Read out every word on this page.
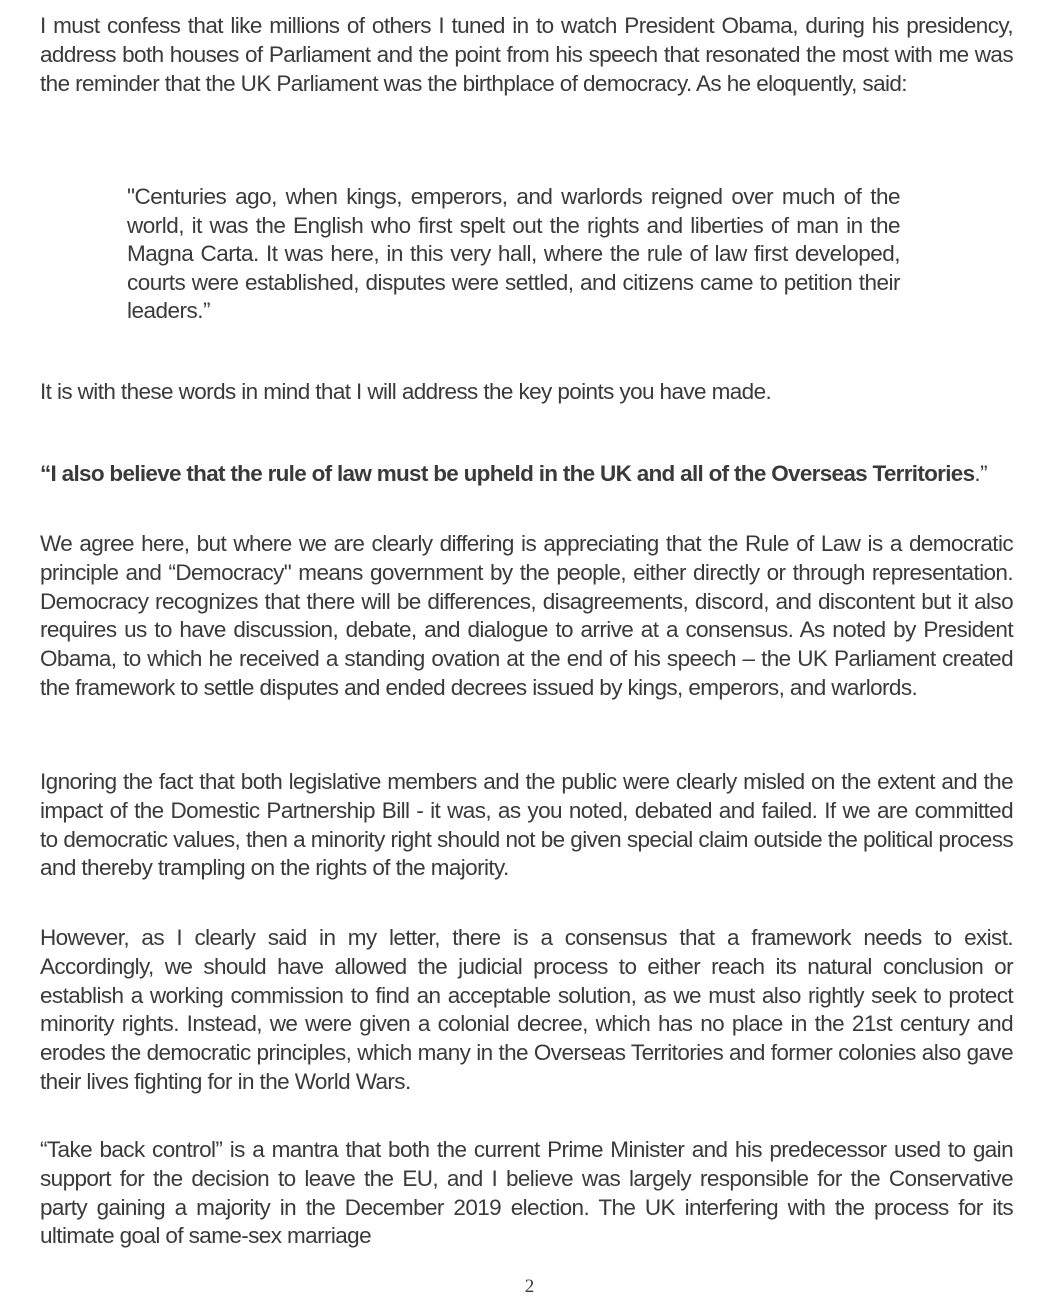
I must confess that like millions of others I tuned in to watch President Obama, during his presidency, address both houses of Parliament and the point from his speech that resonated the most with me was the reminder that the UK Parliament was the birthplace of democracy. As he eloquently, said:
"Centuries ago, when kings, emperors, and warlords reigned over much of the world, it was the English who first spelt out the rights and liberties of man in the Magna Carta. It was here, in this very hall, where the rule of law first developed, courts were established, disputes were settled, and citizens came to petition their leaders.”
It is with these words in mind that I will address the key points you have made.
“I also believe that the rule of law must be upheld in the UK and all of the Overseas Territories.”
We agree here, but where we are clearly differing is appreciating that the Rule of Law is a democratic principle and “Democracy" means government by the people, either directly or through representation. Democracy recognizes that there will be differences, disagreements, discord, and discontent but it also requires us to have discussion, debate, and dialogue to arrive at a consensus. As noted by President Obama, to which he received a standing ovation at the end of his speech – the UK Parliament created the framework to settle disputes and ended decrees issued by kings, emperors, and warlords.
Ignoring the fact that both legislative members and the public were clearly misled on the extent and the impact of the Domestic Partnership Bill - it was, as you noted, debated and failed. If we are committed to democratic values, then a minority right should not be given special claim outside the political process and thereby trampling on the rights of the majority.
However, as I clearly said in my letter, there is a consensus that a framework needs to exist. Accordingly, we should have allowed the judicial process to either reach its natural conclusion or establish a working commission to find an acceptable solution, as we must also rightly seek to protect minority rights. Instead, we were given a colonial decree, which has no place in the 21st century and erodes the democratic principles, which many in the Overseas Territories and former colonies also gave their lives fighting for in the World Wars.
“Take back control” is a mantra that both the current Prime Minister and his predecessor used to gain support for the decision to leave the EU, and I believe was largely responsible for the Conservative party gaining a majority in the December 2019 election. The UK interfering with the process for its ultimate goal of same-sex marriage
2
